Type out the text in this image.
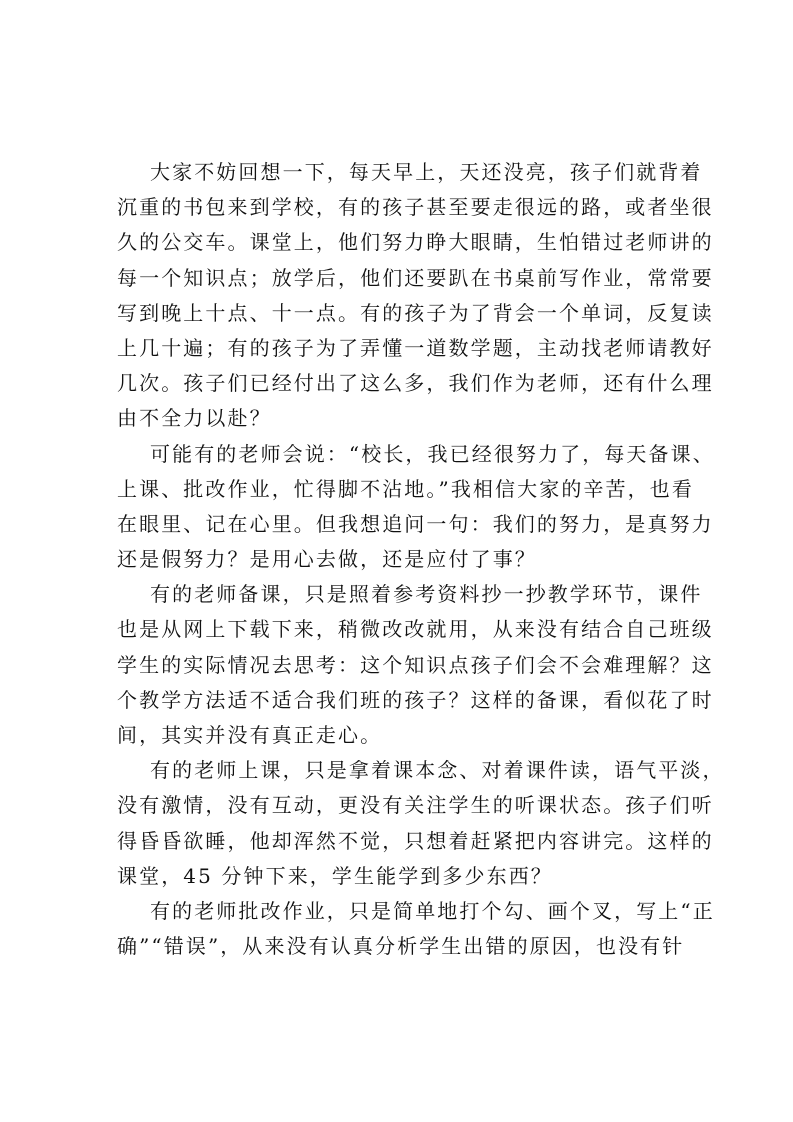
大家不妨回想一下，每天早上，天还没亮，孩子们就背着
沉重的书包来到学校，有的孩子甚至要走很远的路，或者坐很
久的公交车。课堂上，他们努力睁大眼睛，生怕错过老师讲的
每一个知识点；放学后，他们还要趴在书桌前写作业，常常要
写到晚上十点、十一点。有的孩子为了背会一个单词，反复读
上几十遍；有的孩子为了弄懂一道数学题，主动找老师请教好
几次。孩子们已经付出了这么多，我们作为老师，还有什么理
由不全力以赴？
可能有的老师会说：“校长，我已经很努力了，每天备课、
上课、批改作业，忙得脚不沾地。”我相信大家的辛苦，也看
在眼里、记在心里。但我想追问一句：我们的努力，是真努力
还是假努力？是用心去做，还是应付了事？
有的老师备课，只是照着参考资料抄一抄教学环节，课件
也是从网上下载下来，稍微改改就用，从来没有结合自己班级
学生的实际情况去思考：这个知识点孩子们会不会难理解？这
个教学方法适不适合我们班的孩子？这样的备课，看似花了时
间，其实并没有真正走心。
有的老师上课，只是拿着课本念、对着课件读，语气平淡，
没有激情，没有互动，更没有关注学生的听课状态。孩子们听
得昏昏欲睡，他却浑然不觉，只想着赶紧把内容讲完。这样的
课堂，45 分钟下来，学生能学到多少东西？
有的老师批改作业，只是简单地打个勾、画个叉，写上“正
确”“错误”，从来没有认真分析学生出错的原因，也没有针
